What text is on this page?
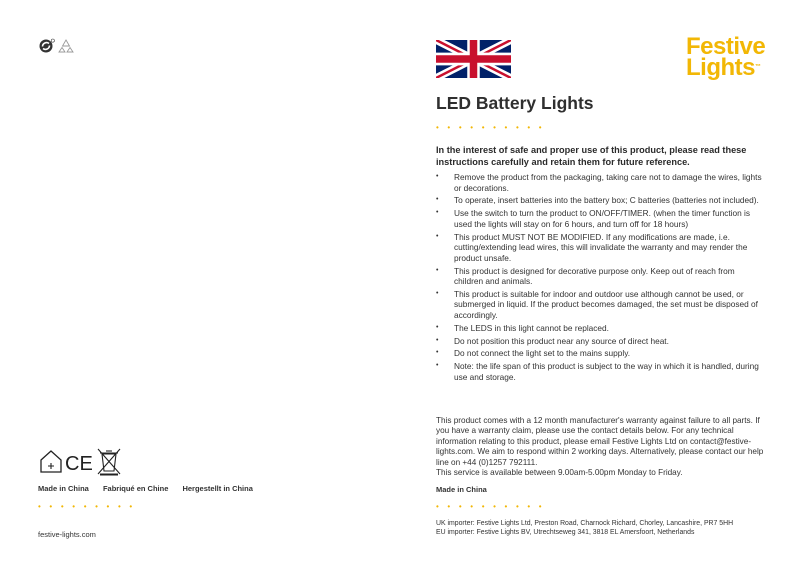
CE
Made in China Fabriqué en Chine Hergestellt in China
• • • • • • • • •
festive-lights.com
Festive
Lights™
LED Battery Lights
• • • • • • • • • •
In the interest of safe and proper use of this product, please read these instructions carefully and retain them for future reference.
• Remove the product from the packaging, taking care not to damage the wires, lights or decorations.
• To operate, insert batteries into the battery box; C batteries (batteries not included).
• Use the switch to turn the product to ON/OFF/TIMER. (when the timer function is used the lights will stay on for 6 hours, and turn off for 18 hours)
• This product MUST NOT BE MODIFIED. If any modifications are made, i.e. cutting/extending lead wires, this will invalidate the warranty and may render the product unsafe.
• This product is designed for decorative purpose only. Keep out of reach from children and animals.
• This product is suitable for indoor and outdoor use although cannot be used, or submerged in liquid. If the product becomes damaged, the set must be disposed of accordingly.
• The LEDS in this light cannot be replaced.
• Do not position this product near any source of direct heat.
• Do not connect the light set to the mains supply.
• Note: the life span of this product is subject to the way in which it is handled, during use and storage.
This product comes with a 12 month manufacturer's warranty against failure to all parts. If you have a warranty claim, please use the contact details below. For any technical information relating to this product, please email Festive Lights Ltd on contact@festive-lights.com. We aim to respond within 2 working days. Alternatively, please contact our help line on +44 (0)1257 792111.
This service is available between 9.00am-5.00pm Monday to Friday.
Made in China
• • • • • • • • • •
UK importer: Festive Lights Ltd, Preston Road, Charnock Richard, Chorley, Lancashire, PR7 5HH
EU importer: Festive Lights BV, Utrechtseweg 341, 3818 EL Amersfoort, Netherlands
